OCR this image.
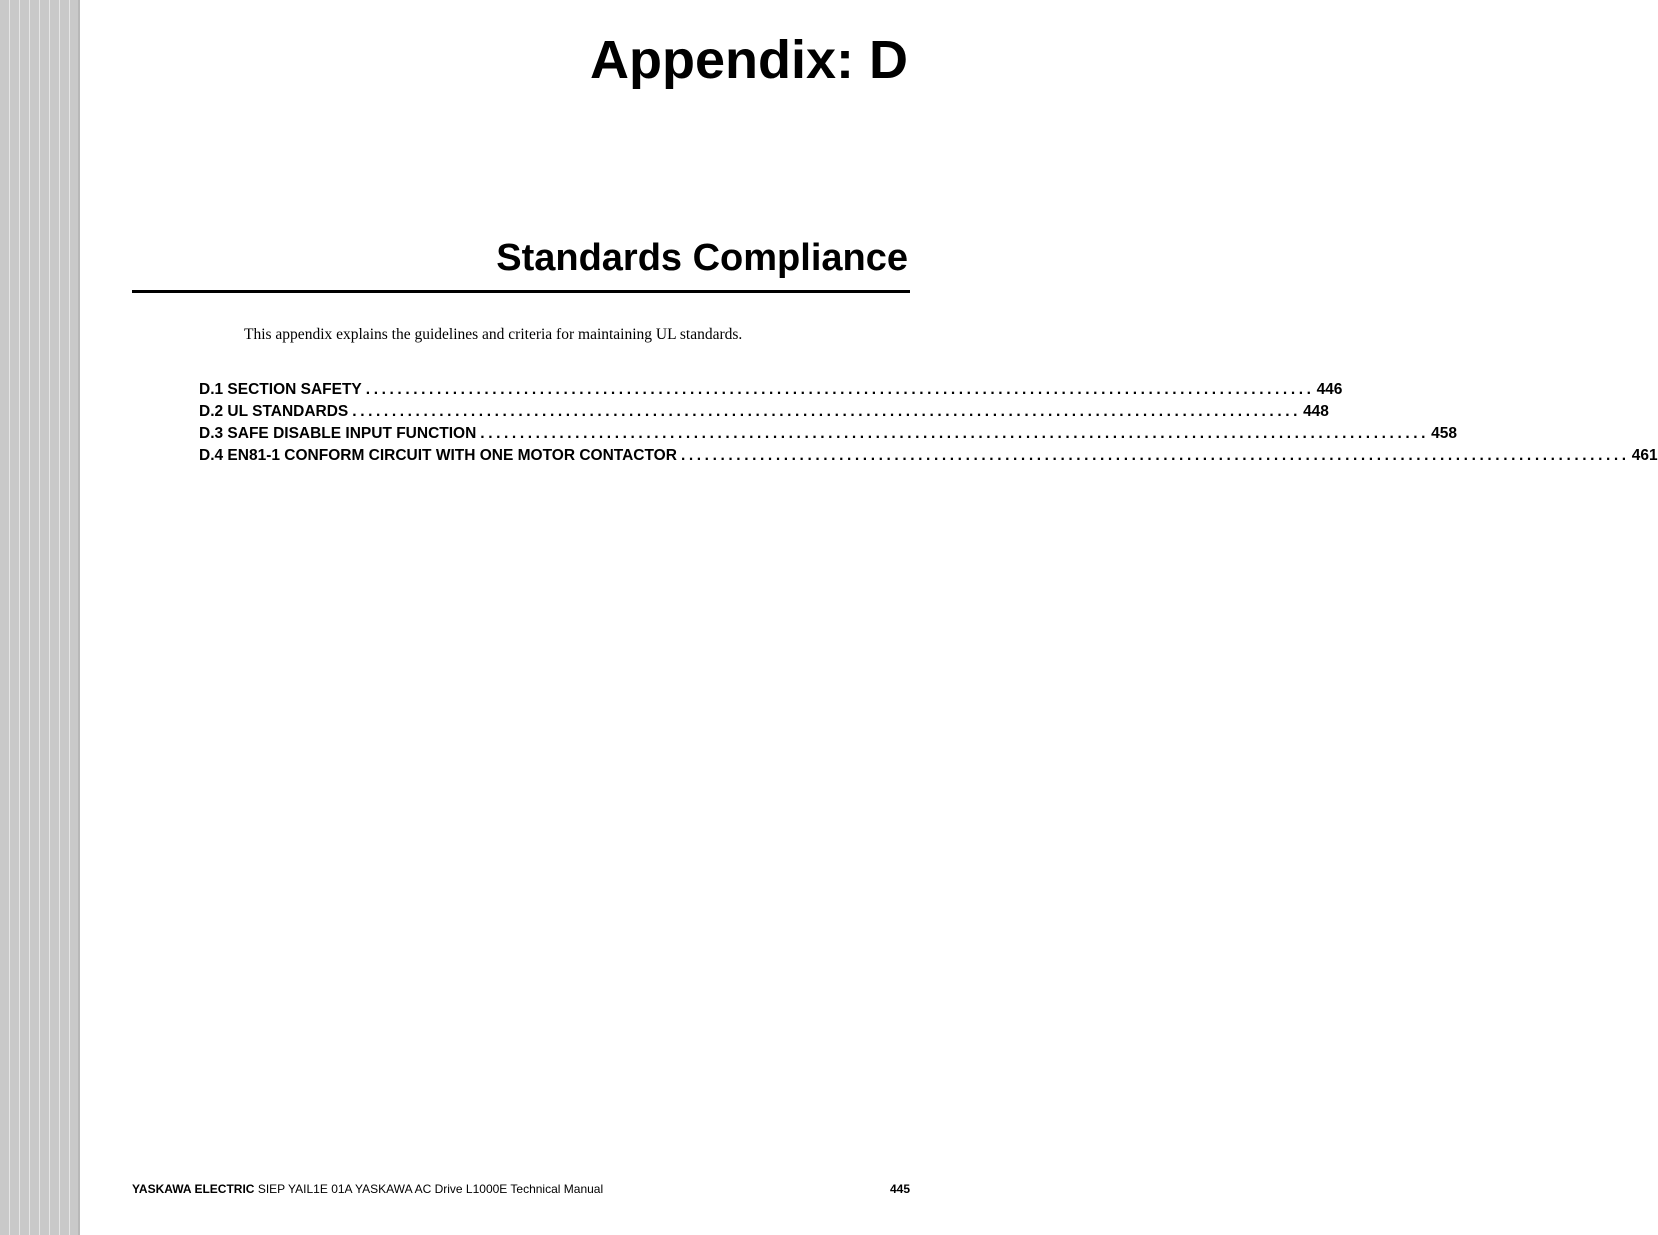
Appendix: D
Standards Compliance

This appendix explains the guidelines and criteria for maintaining UL standards.

D.1 SECTION SAFETY ........................................................................................................................ 446
D.2 UL STANDARDS ........................................................................................................................ 448
D.3 SAFE DISABLE INPUT FUNCTION ........................................................................................................................ 458
D.4 EN81-1 CONFORM CIRCUIT WITH ONE MOTOR CONTACTOR ........................................................................................................................ 461
YASKAWA ELECTRIC SIEP YAIL1E 01A YASKAWA AC Drive L1000E Technical Manual	445
